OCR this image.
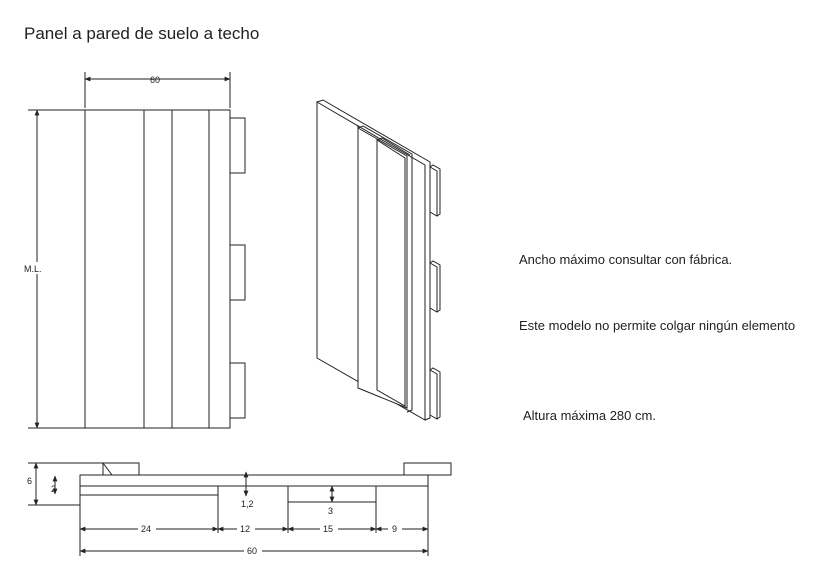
Panel a pared de suelo a techo
Ancho máximo consultar con fábrica.
Este modelo no permite colgar ningún elemento
Altura máxima 280 cm.
60
M.L.
6
2
1,2
3
24	12	15	9
60
